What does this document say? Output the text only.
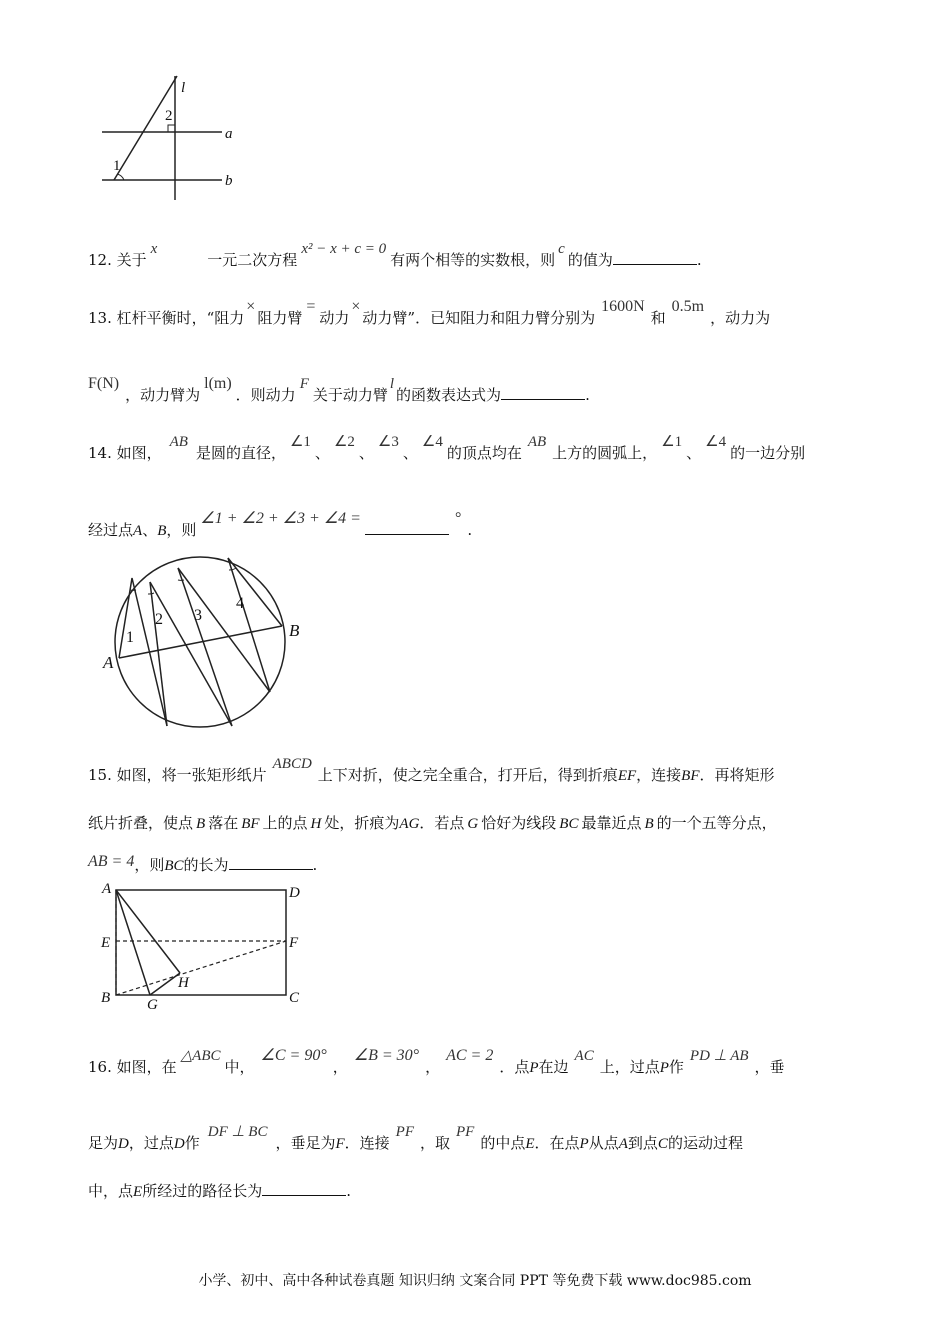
l
a
b
1
2
12. 关于x一元二次方程x² − x + c = 0有两个相等的实数根，则c的值为	.
13. 杠杆平衡时，“阻力×阻力臂=动力×动力臂”．已知阻力和阻力臂分别为1600N和0.5m，动力为
F(N)，动力臂为l(m)．则动力F关于动力臂l的函数表达式为	.
14. 如图，AB是圆的直径，∠1、∠2、∠3、∠4的顶点均在AB上方的圆弧上，∠1、∠4的一边分别
经过点A、B，则∠1 + ∠2 + ∠3 + ∠4 =	°.
A
B
1
2 3
4
15. 如图，将一张矩形纸片ABCD上下对折，使之完全重合，打开后，得到折痕EF，连接BF．再将矩形
纸片折叠，使点 B 落在 BF 上的点 H 处，折痕为AG．若点 G 恰好为线段 BC 最靠近点 B 的一个五等分点，
AB = 4，则BC的长为	.
A	D
E	F
H
B	C
G
16. 如图，在△ABC中，∠C = 90°，∠B = 30°，AC = 2．点P在边AC上，过点P作PD ⊥ AB，垂
足为D，过点D作DF ⊥ BC，垂足为F．连接PF，取PF的中点E．在点P从点A到点C的运动过程
中，点E所经过的路径长为	.
小学、初中、高中各种试卷真题 知识归纳 文案合同 PPT 等免费下载 www.doc985.com
